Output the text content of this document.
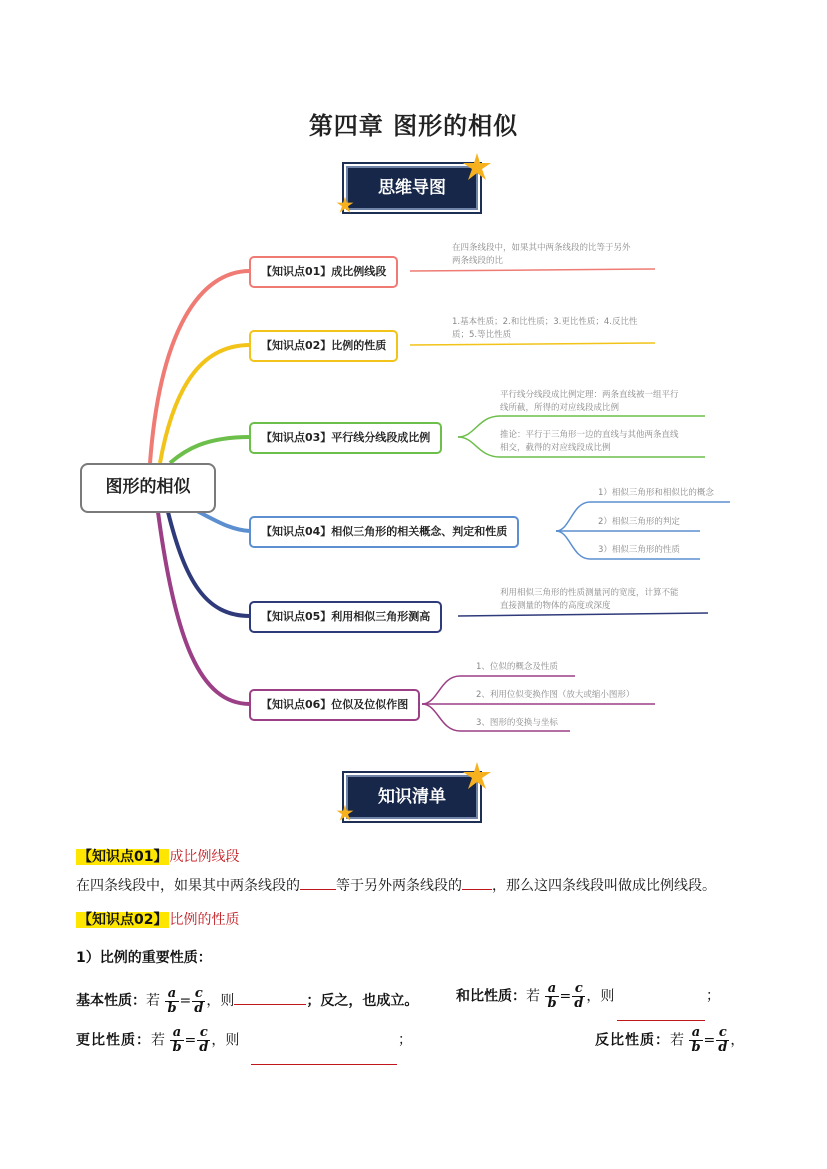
第四章 图形的相似
思维导图
图形的相似
【知识点01】成比例线段
【知识点02】比例的性质
【知识点03】平行线分线段成比例
【知识点04】相似三角形的相关概念、判定和性质
【知识点05】利用相似三角形测高
【知识点06】位似及位似作图
在四条线段中，如果其中两条线段的比等于另外
两条线段的比
1.基本性质；2.和比性质；3.更比性质；4.反比性
质；5.等比性质
平行线分线段成比例定理：两条直线被一组平行
线所截，所得的对应线段成比例
推论：平行于三角形一边的直线与其他两条直线
相交，截得的对应线段成比例
1）相似三角形和相似比的概念
2）相似三角形的判定
3）相似三角形的性质
利用相似三角形的性质测量河的宽度，计算不能
直接测量的物体的高度或深度
1、位似的概念及性质
2、利用位似变换作图（放大或缩小图形）
3、图形的变换与坐标
知识清单
【知识点01】 成比例线段
在四条线段中，如果其中两条线段的	等于另外两条线段的 ，那么这四条线段叫做成比例线段。
【知识点02】 比例的性质
1）比例的重要性质：
基本性质：若 $\frac{a}{b} = \frac{c}{d}$ ，则	；反之，也成立。	和比性质：若 $\frac{a}{b} = \frac{c}{d}$ ，则	；
更比性质：若 $\frac{a}{b} = \frac{c}{d}$ ，则	；	反比性质：若 $\frac{a}{b} = \frac{c}{d}$ ，
